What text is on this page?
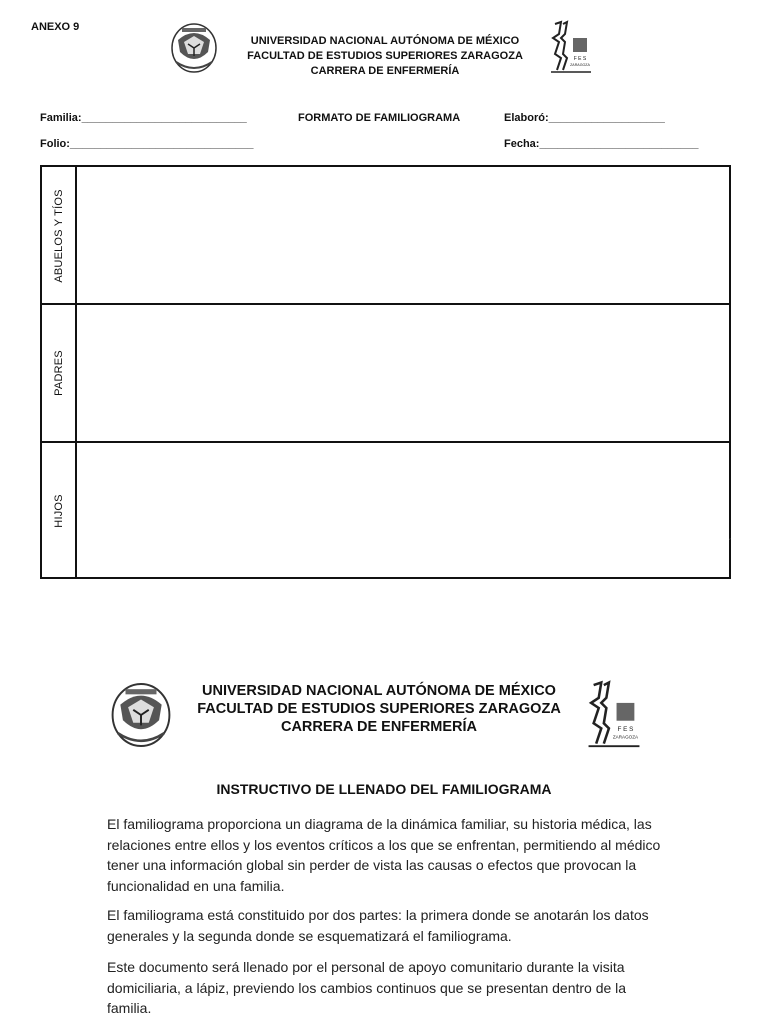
ANEXO 9
UNIVERSIDAD NACIONAL AUTÓNOMA DE MÉXICO
FACULTAD DE ESTUDIOS SUPERIORES ZARAGOZA
CARRERA DE ENFERMERÍA
F E S
ZARAGOZA
Familia:___________________________	FORMATO DE FAMILIOGRAMA	Elaboró:___________________
Folio:______________________________	Fecha:__________________________
ABUELOS Y TÍOS
PADRES
HIJOS
ˏ
UNIVERSIDAD NACIONAL AUTÓNOMA DE MÉXICO
FACULTAD DE ESTUDIOS SUPERIORES ZARAGOZA
CARRERA DE ENFERMERÍA	F E S
ZARAGOZA
INSTRUCTIVO DE LLENADO DEL FAMILIOGRAMA
El familiograma proporciona un diagrama de la dinámica familiar, su historia médica, las relaciones entre ellos y los eventos críticos a los que se enfrentan, permitiendo al médico tener una información global sin perder de vista las causas o efectos que provocan la funcionalidad en una familia.
El familiograma está constituido por dos partes: la primera donde se anotarán los datos generales y la segunda donde se esquematizará el familiograma.
Este documento será llenado por el personal de apoyo comunitario durante la visita domiciliaria, a lápiz, previendo los cambios continuos que se presentan dentro de la familia.
